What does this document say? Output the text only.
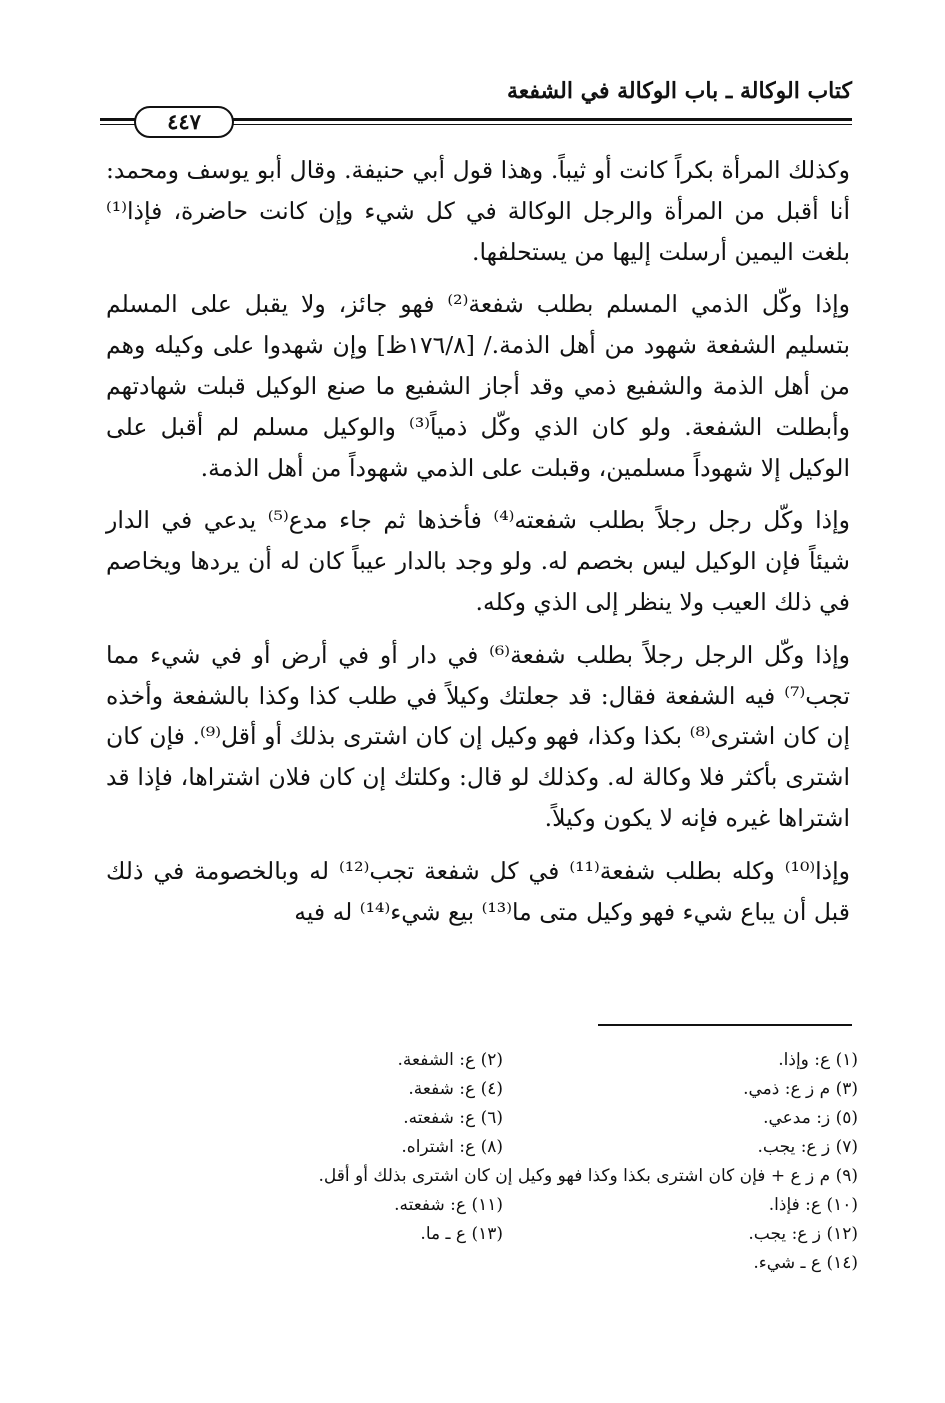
كتاب الوكالة ـ باب الوكالة في الشفعة
٤٤٧

وكذلك المرأة بكراً كانت أو ثيباً. وهذا قول أبي حنيفة. وقال أبو يوسف ومحمد: أنا أقبل من المرأة والرجل الوكالة في كل شيء وإن كانت حاضرة، فإذا⁽¹⁾ بلغت اليمين أرسلت إليها من يستحلفها.

وإذا وكّل الذمي المسلم بطلب شفعة⁽²⁾ فهو جائز، ولا يقبل على المسلم بتسليم الشفعة شهود من أهل الذمة./ [١٧٦/٨ظ] وإن شهدوا على وكيله وهم من أهل الذمة والشفيع ذمي وقد أجاز الشفيع ما صنع الوكيل قبلت شهادتهم وأبطلت الشفعة. ولو كان الذي وكّل ذمياً⁽³⁾ والوكيل مسلم لم أقبل على الوكيل إلا شهوداً مسلمين، وقبلت على الذمي شهوداً من أهل الذمة.

وإذا وكّل رجل رجلاً بطلب شفعته⁽⁴⁾ فأخذها ثم جاء مدع⁽⁵⁾ يدعي في الدار شيئاً فإن الوكيل ليس بخصم له. ولو وجد بالدار عيباً كان له أن يردها ويخاصم في ذلك العيب ولا ينظر إلى الذي وكله.

وإذا وكّل الرجل رجلاً بطلب شفعة⁽⁶⁾ في دار أو في أرض أو في شيء مما تجب⁽⁷⁾ فيه الشفعة فقال: قد جعلتك وكيلاً في طلب كذا وكذا بالشفعة وأخذه إن كان اشترى⁽⁸⁾ بكذا وكذا، فهو وكيل إن كان اشترى بذلك أو أقل⁽⁹⁾. فإن كان اشترى بأكثر فلا وكالة له. وكذلك لو قال: وكلتك إن كان فلان اشتراها، فإذا قد اشتراها غيره فإنه لا يكون وكيلاً.

وإذا⁽¹⁰⁾ وكله بطلب شفعة⁽¹¹⁾ في كل شفعة تجب⁽¹²⁾ له وبالخصومة في ذلك قبل أن يباع شيء فهو وكيل متى ما⁽¹³⁾ بيع شيء⁽¹⁴⁾ له فيه

(١) ع: وإذا.
(٢) ع: الشفعة.
(٣) م ز ع: ذمي.
(٤) ع: شفعة.
(٥) ز: مدعي.
(٦) ع: شفعته.
(٧) ز ع: يجب.
(٨) ع: اشتراه.
(٩) م ز ع + فإن كان اشترى بكذا وكذا فهو وكيل إن كان اشترى بذلك أو أقل.
(١٠) ع: فإذا.
(١١) ع: شفعته.
(١٢) ز ع: يجب.
(١٣) ع ـ ما.
(١٤) ع ـ شيء.
